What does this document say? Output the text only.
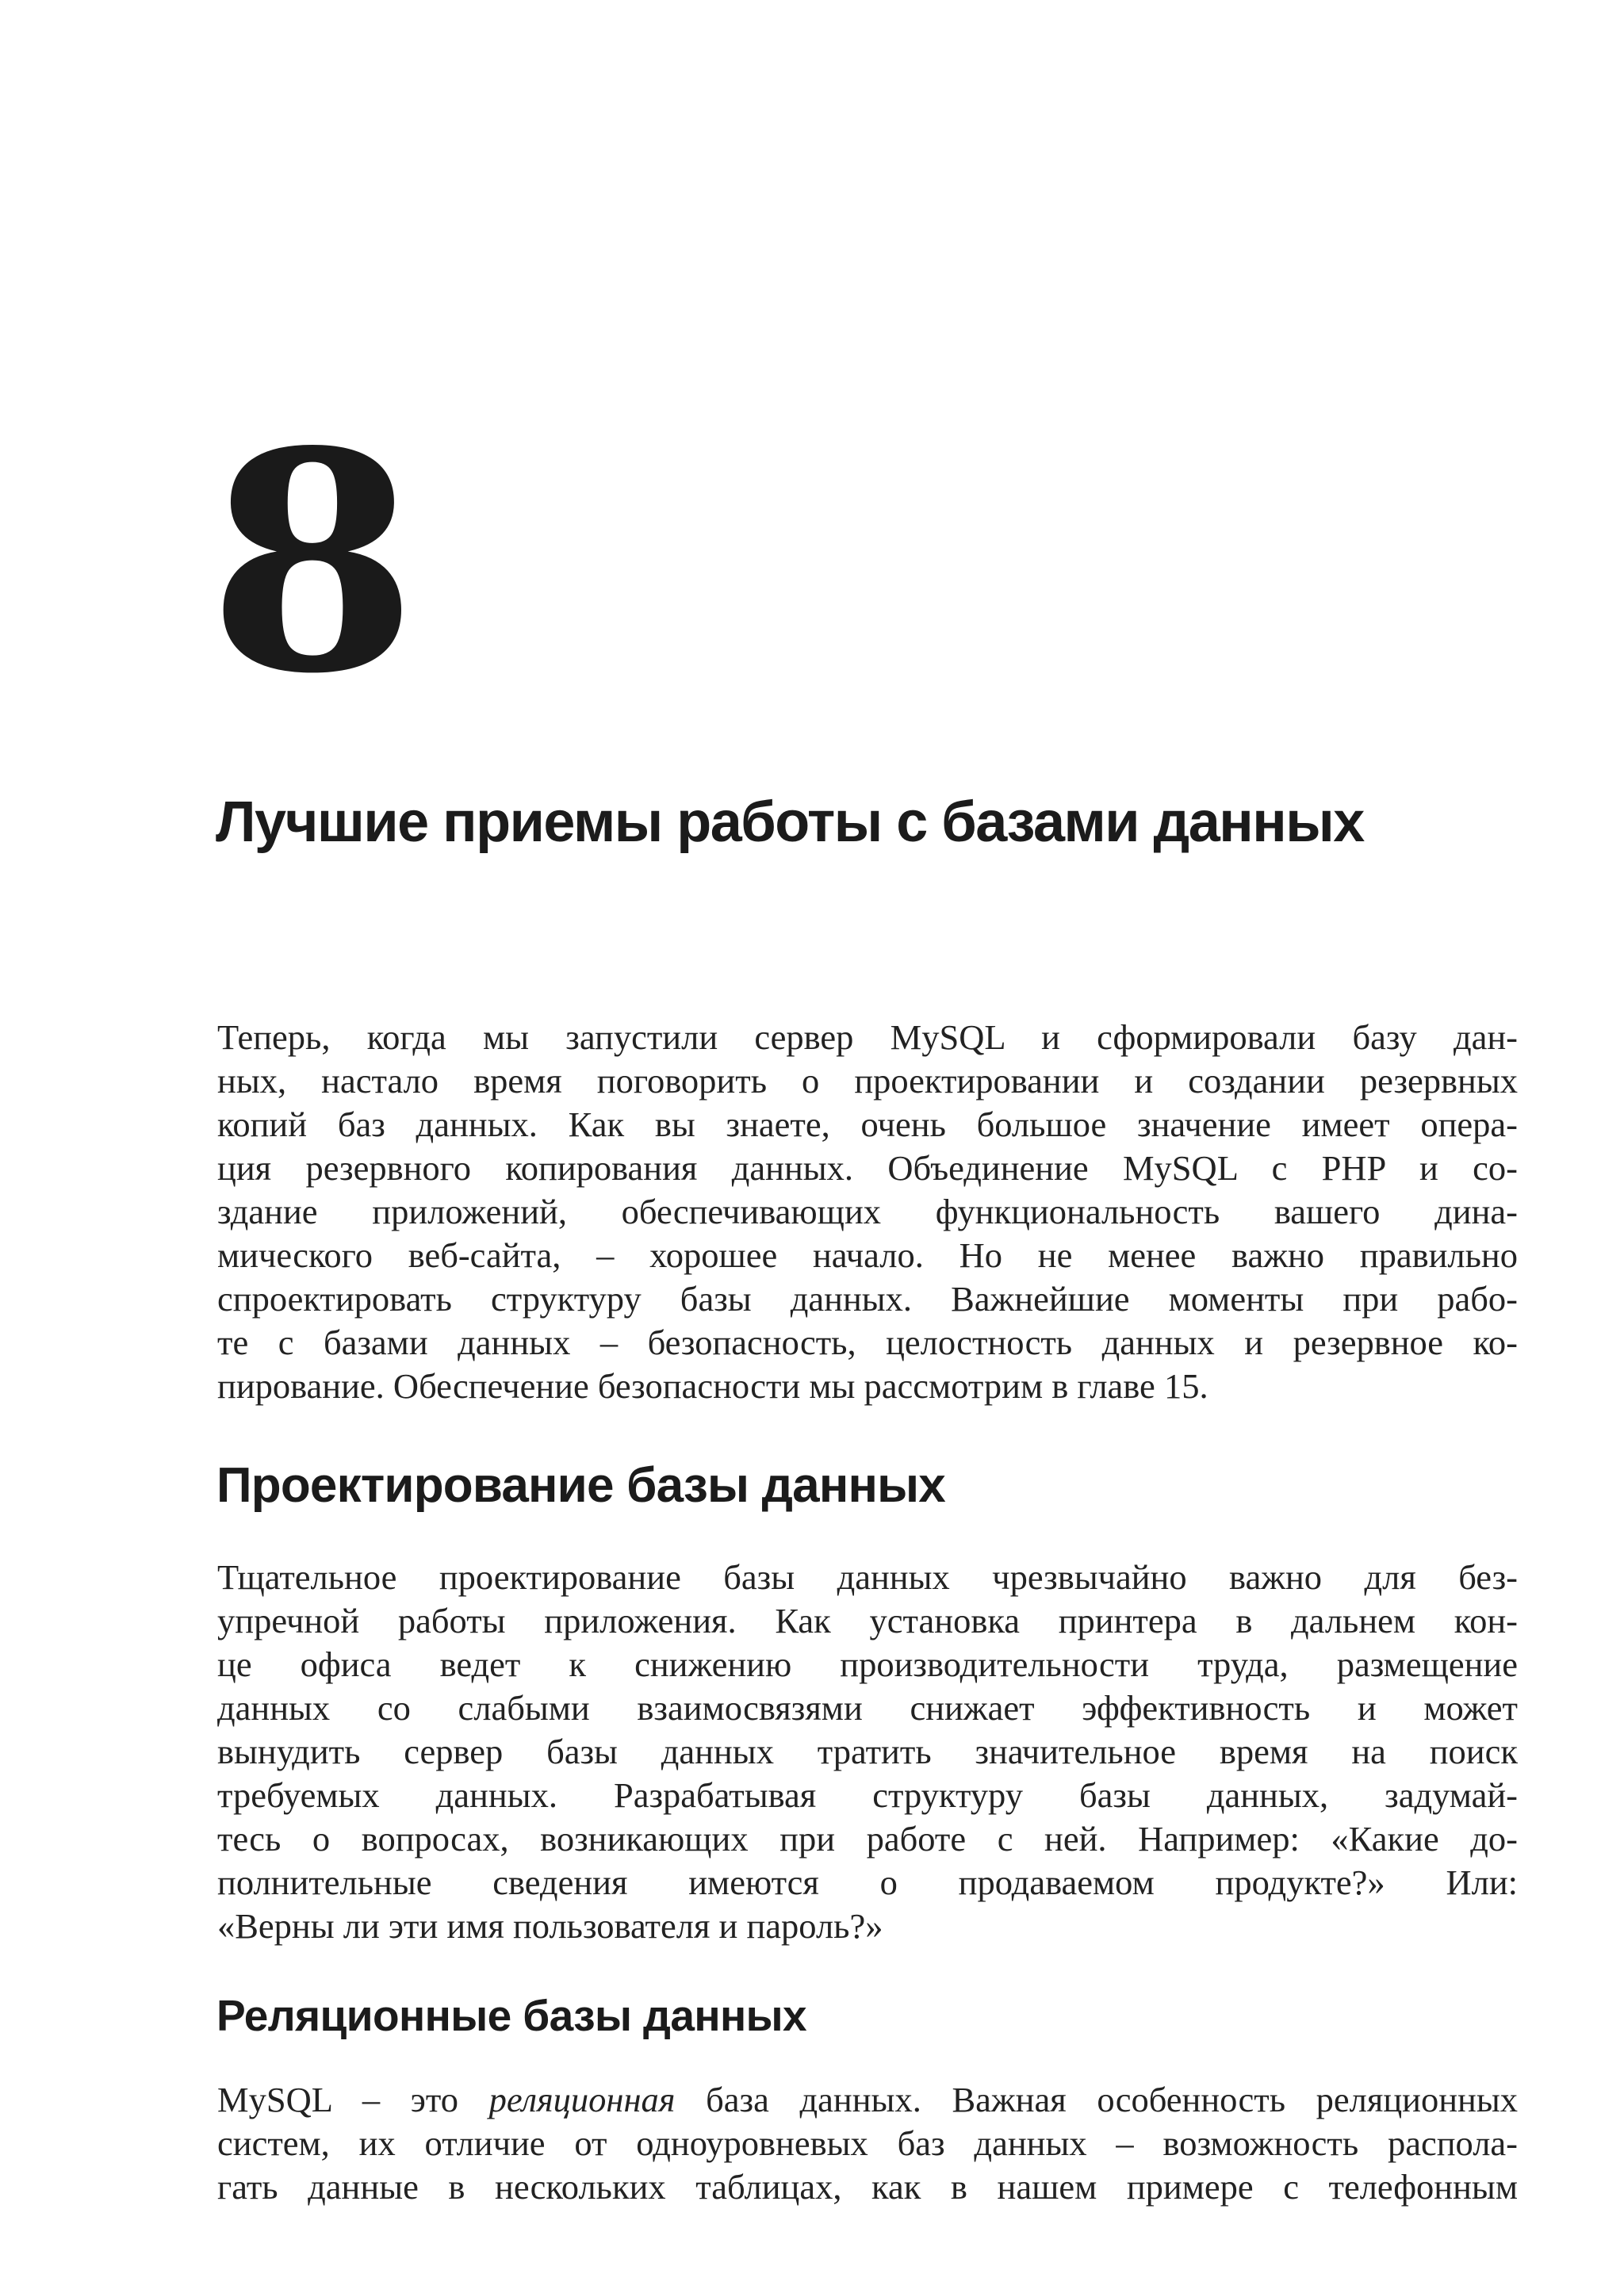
8
Лучшие приемы работы с базами данных

Теперь, когда мы запустили сервер MySQL и сформировали базу дан-
ных, настало время поговорить о проектировании и создании резервных
копий баз данных. Как вы знаете, очень большое значение имеет опера-
ция резервного копирования данных. Объединение MySQL с PHP и со-
здание приложений, обеспечивающих функциональность вашего дина-
мического веб-сайта, – хорошее начало. Но не менее важно правильно
спроектировать структуру базы данных. Важнейшие моменты при рабо-
те с базами данных – безопасность, целостность данных и резервное ко-
пирование. Обеспечение безопасности мы рассмотрим в главе 15.

Проектирование базы данных

Тщательное проектирование базы данных чрезвычайно важно для без-
упречной работы приложения. Как установка принтера в дальнем кон-
це офиса ведет к снижению производительности труда, размещение
данных со слабыми взаимосвязями снижает эффективность и может
вынудить сервер базы данных тратить значительное время на поиск
требуемых данных. Разрабатывая структуру базы данных, задумай-
тесь о вопросах, возникающих при работе с ней. Например: «Какие до-
полнительные сведения имеются о продаваемом продукте?» Или:
«Верны ли эти имя пользователя и пароль?»

Реляционные базы данных

MySQL – это реляционная база данных. Важная особенность реляционных
систем, их отличие от одноуровневых баз данных – возможность распола-
гать данные в нескольких таблицах, как в нашем примере с телефонным
